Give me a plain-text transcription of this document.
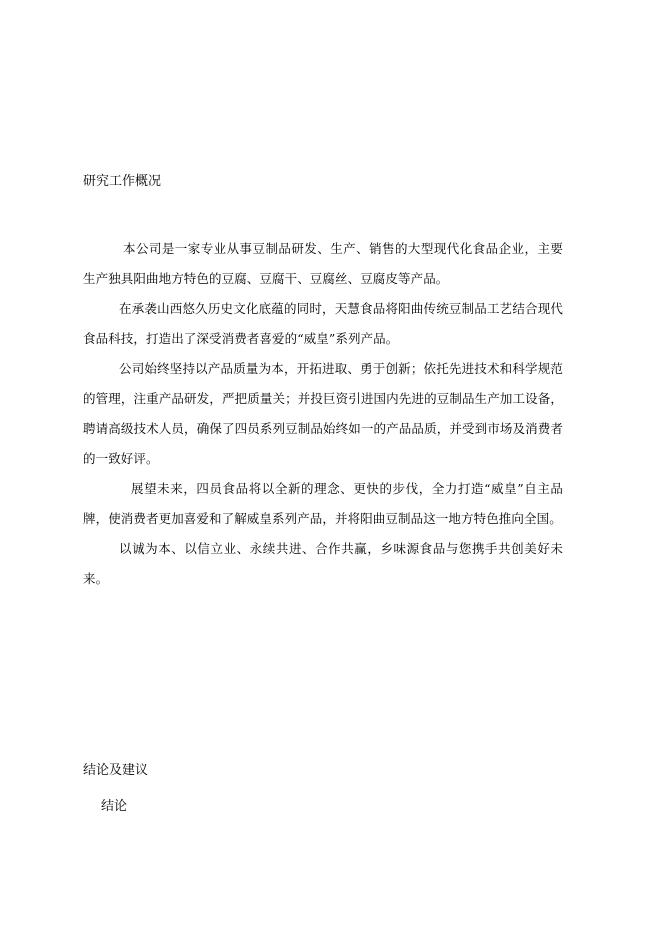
研究工作概况

本公司是一家专业从事豆制品研发、生产、销售的大型现代化食品企业，主要生产独具阳曲地方特色的豆腐、豆腐干、豆腐丝、豆腐皮等产品。

在承袭山西悠久历史文化底蕴的同时，天慧食品将阳曲传统豆制品工艺结合现代食品科技，打造出了深受消费者喜爱的“威皇”系列产品。

公司始终坚持以产品质量为本，开拓进取、勇于创新；依托先进技术和科学规范的管理，注重产品研发，严把质量关；并投巨资引进国内先进的豆制品生产加工设备，聘请高级技术人员，确保了四员系列豆制品始终如一的产品品质，并受到市场及消费者的一致好评。

展望未来，四员食品将以全新的理念、更快的步伐，全力打造“威皇”自主品牌，使消费者更加喜爱和了解威皇系列产品，并将阳曲豆制品这一地方特色推向全国。

以诚为本、以信立业、永续共进、合作共赢，乡味源食品与您携手共创美好未来。

结论及建议
结论
